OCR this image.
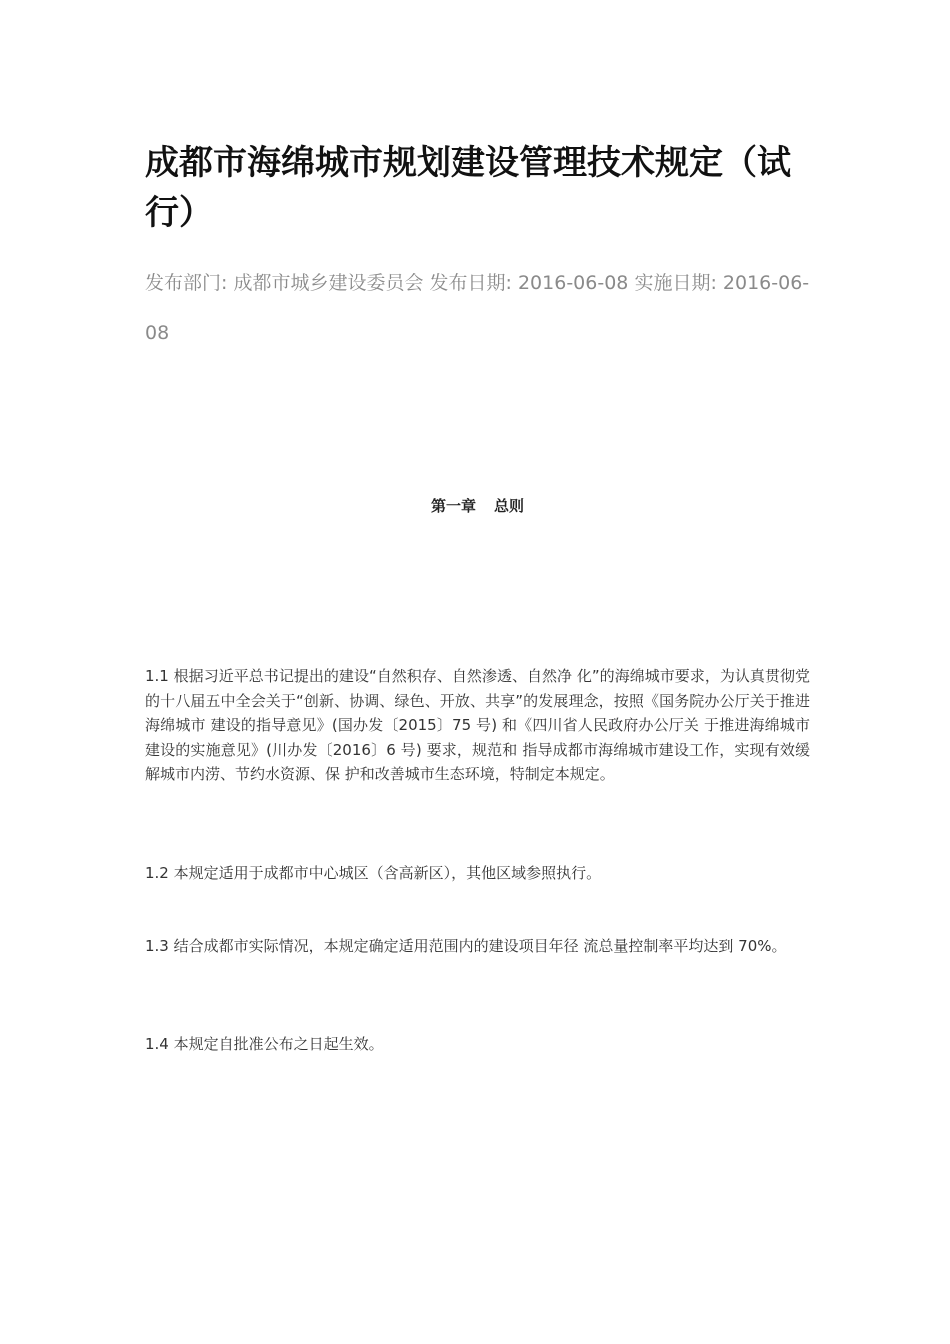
成都市海绵城市规划建设管理技术规定（试行）
发布部门: 成都市城乡建设委员会 发布日期: 2016-06-08 实施日期: 2016-06-08
第一章 总则

1.1 根据习近平总书记提出的建设“自然积存、自然渗透、自然净 化”的海绵城市要求，为认真贯彻党的十八届五中全会关于“创新、协调、绿色、开放、共享”的发展理念，按照《国务院办公厅关于推进海绵城市 建设的指导意见》(国办发〔2015〕75 号) 和《四川省人民政府办公厅关 于推进海绵城市建设的实施意见》(川办发〔2016〕6 号) 要求，规范和 指导成都市海绵城市建设工作，实现有效缓解城市内涝、节约水资源、保 护和改善城市生态环境，特制定本规定。

1.2 本规定适用于成都市中心城区（含高新区），其他区域参照执行。

1.3 结合成都市实际情况，本规定确定适用范围内的建设项目年径 流总量控制率平均达到 70%。

1.4 本规定自批准公布之日起生效。
